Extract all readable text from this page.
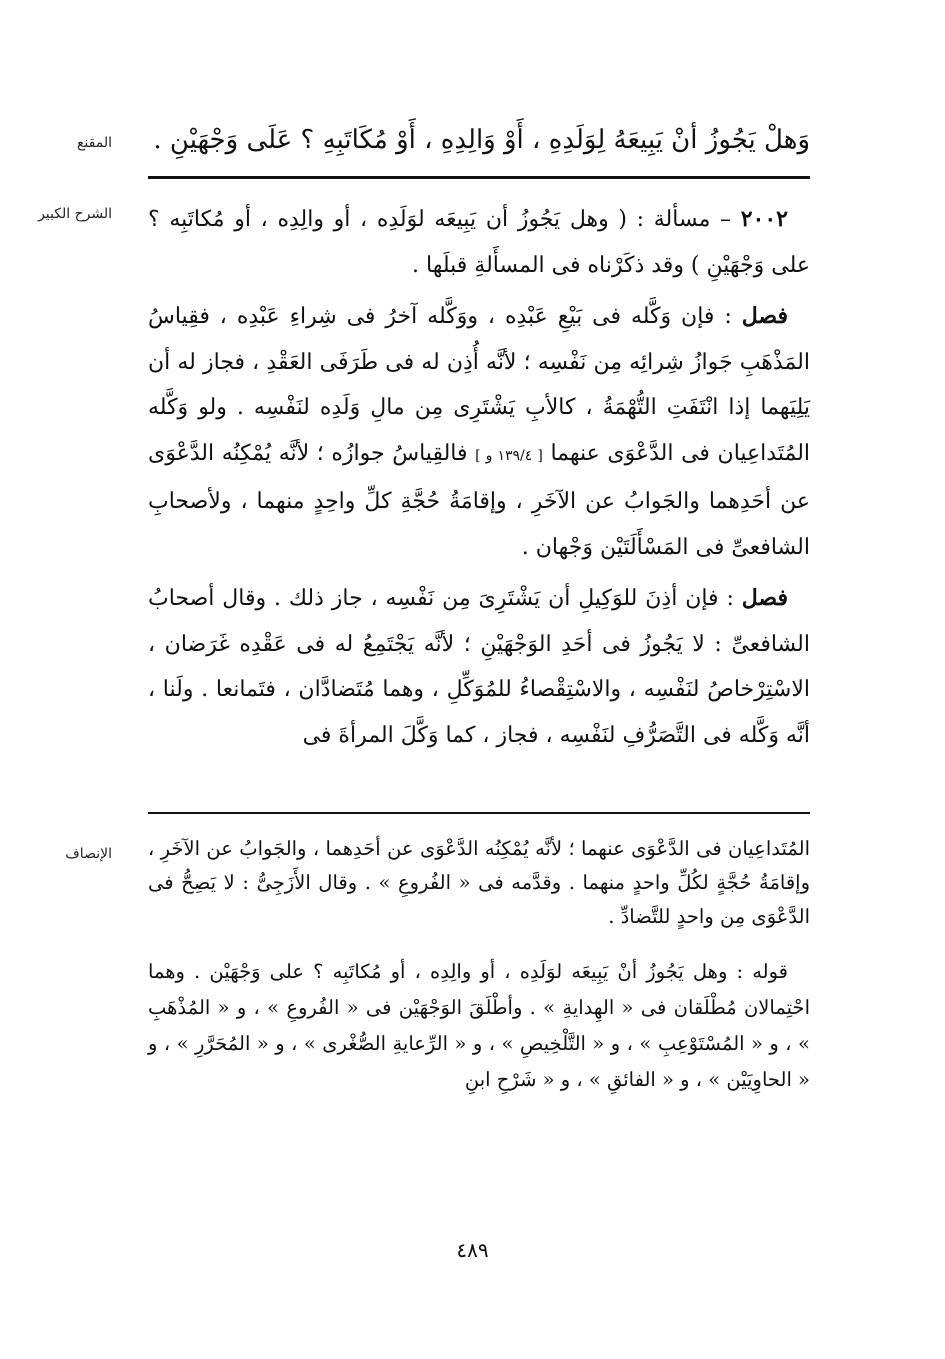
المقنع وَهلْ يَجُوزُ أنْ يَبِيعَهُ لِوَلَدِهِ ، أَوْ وَالِدِهِ ، أَوْ مُكَاتَبِهِ ؟ عَلَى وَجْهَيْنِ .
الشرح الكبير	٢٠٠٢ – مسألة : ( وهل يَجُوزُ أن يَبِيعَه لوَلَدِه ، أو والِدِه ، أو مُكاتَبِه ؟ على وَجْهَيْنِ ) وقد ذكَرْناه فى المسأَلةِ قبلَها .

فصل : فإن وَكَّله فى بَيْعِ عَبْدِه ، ووَكَّله آخرُ فى شِراءِ عَبْدِه ، فقِياسُ المَذْهَبِ جَوازُ شِرائِه مِن نَفْسِه ؛ لأنَّه أُذِن له فى طَرَفَى العَقْدِ ، فجاز له أن يَلِيَهما إذا انْتَفَتِ التُّهْمَةُ ، كالأبِ يَشْتَرِى مِن مالِ وَلَدِه لنَفْسِه . ولو وَكَّله المُتَداعِيان فى الدَّعْوَى عنهما [ ١٣٩/٤ و ] فالقِياسُ جوازُه ؛ لأنَّه يُمْكِنُه الدَّعْوَى عن أحَدِهما والجَوابُ عن الآخَرِ ، وإقامَةُ حُجَّةِ كلِّ واحِدٍ منهما ، ولأصحابِ الشافعىِّ فى المَسْأَلَتَيْن وَجْهان .

فصل : فإن أذِنَ للوَكِيلِ أن يَشْتَرِىَ مِن نَفْسِه ، جاز ذلك . وقال أصحابُ الشافعىِّ : لا يَجُوزُ فى أحَدِ الوَجْهَيْنِ ؛ لأنَّه يَجْتَمِعُ له فى عَقْدِه غَرَضان ، الاسْتِرْخاصُ لنَفْسِه ، والاسْتِقْصاءُ للمُوَكِّلِ ، وهما مُتَضادَّان ، فتَمانعا . ولَنا ، أنَّه وَكَّله فى التَّصَرُّفِ لنَفْسِه ، فجاز ، كما وَكَّلَ المرأةَ فى

الإنصاف المُتَداعِيان فى الدَّعْوَى عنهما ؛ لأنَّه يُمْكِنُه الدَّعْوَى عن أحَدِهما ، والجَوابُ عن الآخَرِ ، وإقامَةُ حُجَّةٍ لكُلِّ واحدٍ منهما . وقدَّمه فى « الفُروعِ » . وقال الأَزَجِىُّ : لا يَصِحُّ فى الدَّعْوَى مِن واحدٍ للتَّضادِّ .

قوله : وهل يَجُوزُ أنْ يَبِيعَه لوَلَدِه ، أو والِدِه ، أو مُكاتَبِه ؟ على وَجْهَيْن . وهما احْتِمالان مُطْلَقان فى « الهِدايةِ » . وأطْلَقَ الوَجْهَيْن فى « الفُروعِ » ، و « المُذْهَبِ » ، و « المُسْتَوْعِبِ » ، و « التَّلْخِيصِ » ، و « الرِّعايةِ الصُّغْرى » ، و « المُحَرَّرِ » ، و « الحاوِيَيْن » ، و « الفائقِ » ، و « شَرْحِ ابنِ

٤٨٩
